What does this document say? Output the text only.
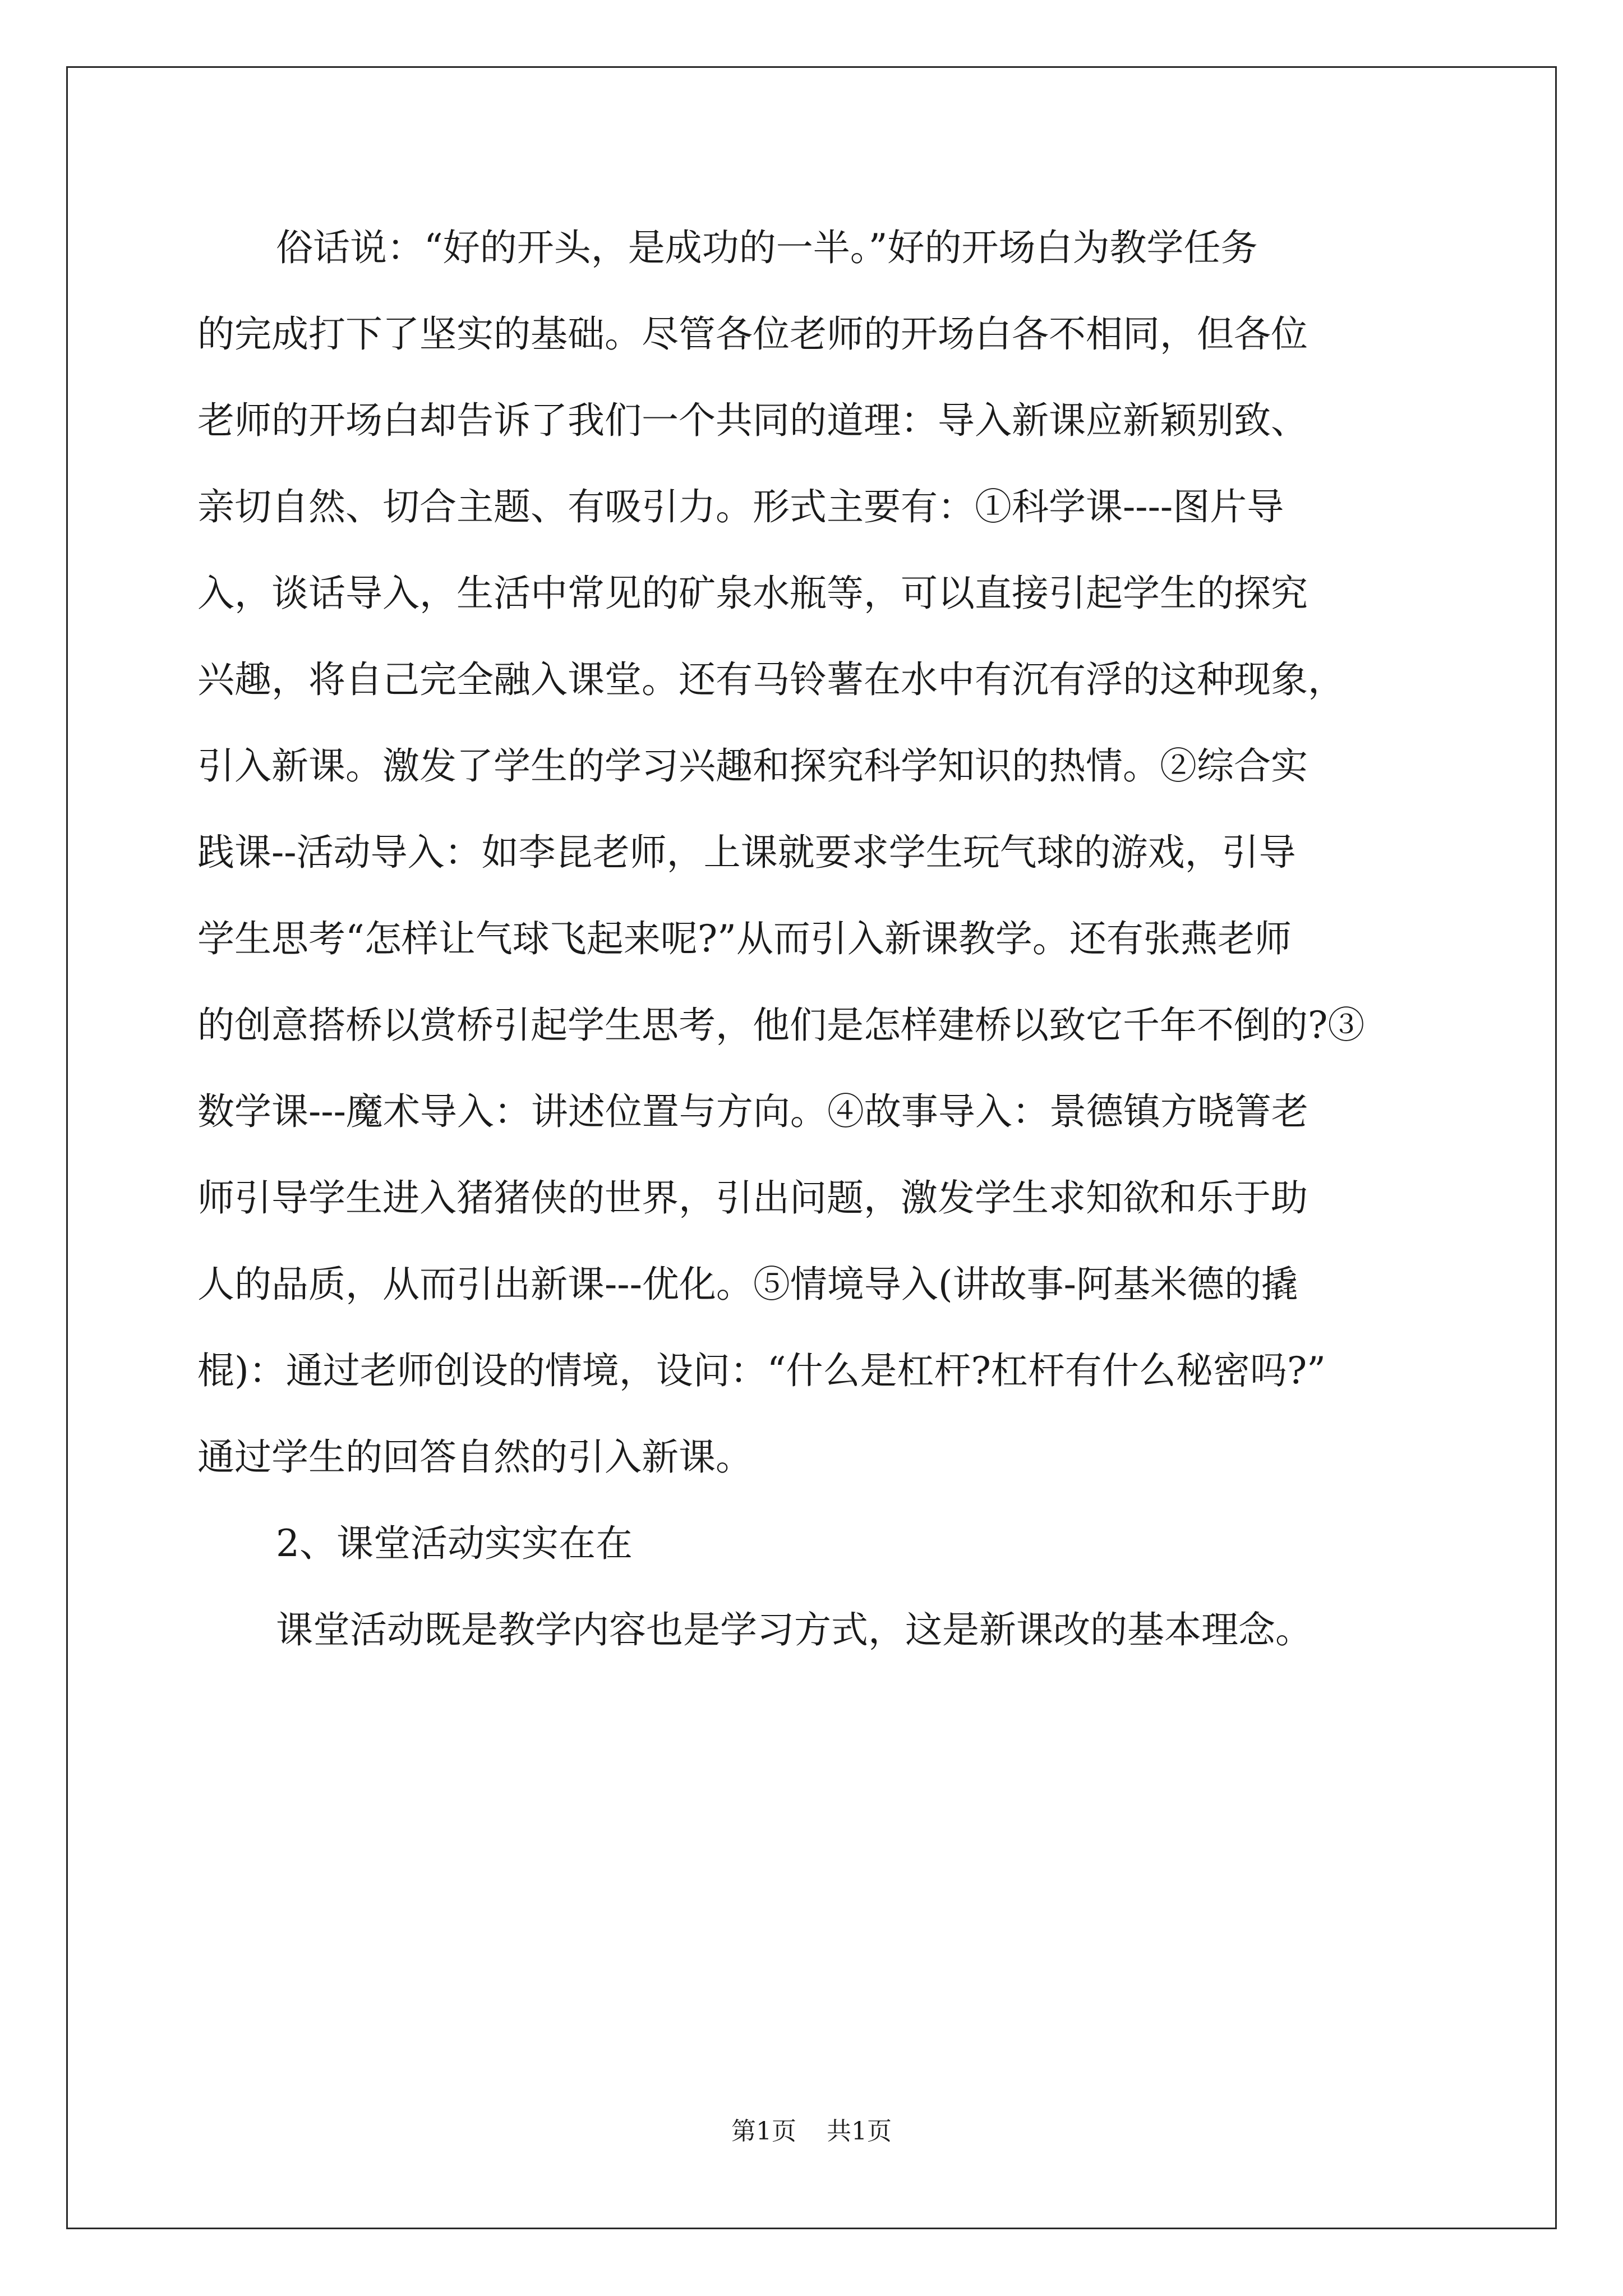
俗话说：“好的开头，是成功的一半。”好的开场白为教学任务
的完成打下了坚实的基础。尽管各位老师的开场白各不相同，但各位
老师的开场白却告诉了我们一个共同的道理：导入新课应新颖别致、
亲切自然、切合主题、有吸引力。形式主要有：①科学课----图片导
入，谈话导入，生活中常见的矿泉水瓶等，可以直接引起学生的探究
兴趣，将自己完全融入课堂。还有马铃薯在水中有沉有浮的这种现象，
引入新课。激发了学生的学习兴趣和探究科学知识的热情。②综合实
践课--活动导入：如李昆老师，上课就要求学生玩气球的游戏，引导
学生思考“怎样让气球飞起来呢?”从而引入新课教学。还有张燕老师
的创意搭桥以赏桥引起学生思考，他们是怎样建桥以致它千年不倒的?③
数学课---魔术导入：讲述位置与方向。④故事导入：景德镇方晓箐老
师引导学生进入猪猪侠的世界，引出问题，激发学生求知欲和乐于助
人的品质，从而引出新课---优化。⑤情境导入(讲故事-阿基米德的撬
棍)：通过老师创设的情境，设问：“什么是杠杆?杠杆有什么秘密吗?”
通过学生的回答自然的引入新课。
2、课堂活动实实在在
课堂活动既是教学内容也是学习方式，这是新课改的基本理念。
第1页 共1页
